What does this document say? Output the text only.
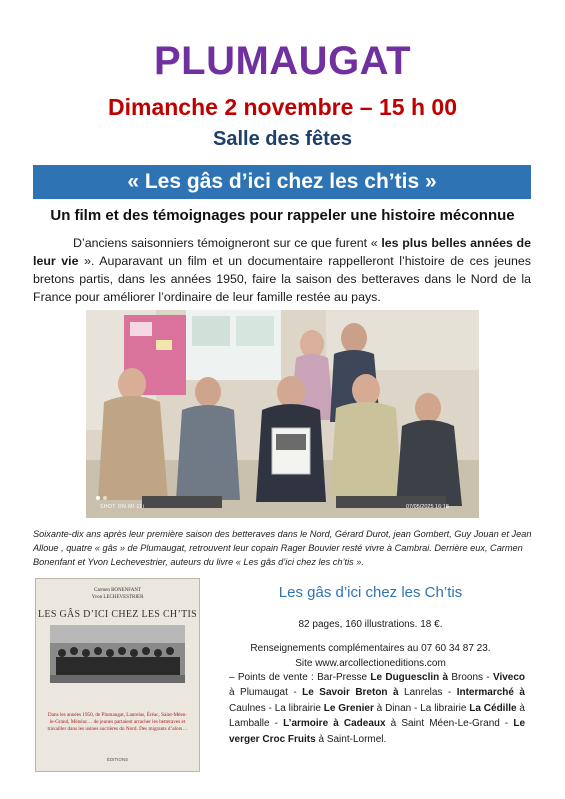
PLUMAUGAT
Dimanche 2 novembre – 15 h 00
Salle des fêtes
« Les gâs d’ici chez les ch’tis »
Un film et des témoignages pour rappeler une histoire méconnue

D’anciens saisonniers témoigneront sur ce que furent « les plus belles années de leur vie ». Auparavant un film et un documentaire rappelleront l’histoire de ces jeunes bretons partis, dans les années 1950, faire la saison des betteraves dans le Nord de la France pour améliorer l’ordinaire de leur famille restée au pays.

SHOT ON MI 11i	07/05/2025 16:18
Soixante-dix ans après leur première saison des betteraves dans le Nord, Gérard Durot, jean Gombert, Guy Jouan et Jean Alloue , quatre « gâs » de Plumaugat, retrouvent leur copain Rager Bouvier resté vivre à Cambrai. Derrière eux, Carmen Bonenfant et Yvon Lechevestrier, auteurs du livre « Les gâs d’ici chez les ch’tis ».
Carmen BONENFANT
Yvon LECHEVESTRIER
LES GÂS D’ICI CHEZ LES CH’TIS
Dans les années 1950, de Plumaugat, Lanrelas, Éréac, Saint-Méen-le-Grand, Ménéac… de jeunes partaient arracher les betteraves et travailler dans les usines sucrières du Nord. Des migrants d’alors…
ÉDITIONS
Les gâs d’ici chez les Ch’tis
82 pages, 160 illustrations. 18 €.
Renseignements complémentaires au 07 60 34 87 23.
Site www.arcollectioneditions.com
– Points de vente : Bar-Presse Le Duguesclin à Broons - Viveco à Plumaugat - Le Savoir Breton à Lanrelas - Intermarché à Caulnes - La librairie Le Grenier à Dinan - La librairie La Cédille à Lamballe - L’armoire à Cadeaux à Saint Méen-Le-Grand - Le verger Croc Fruits à Saint-Lormel.
